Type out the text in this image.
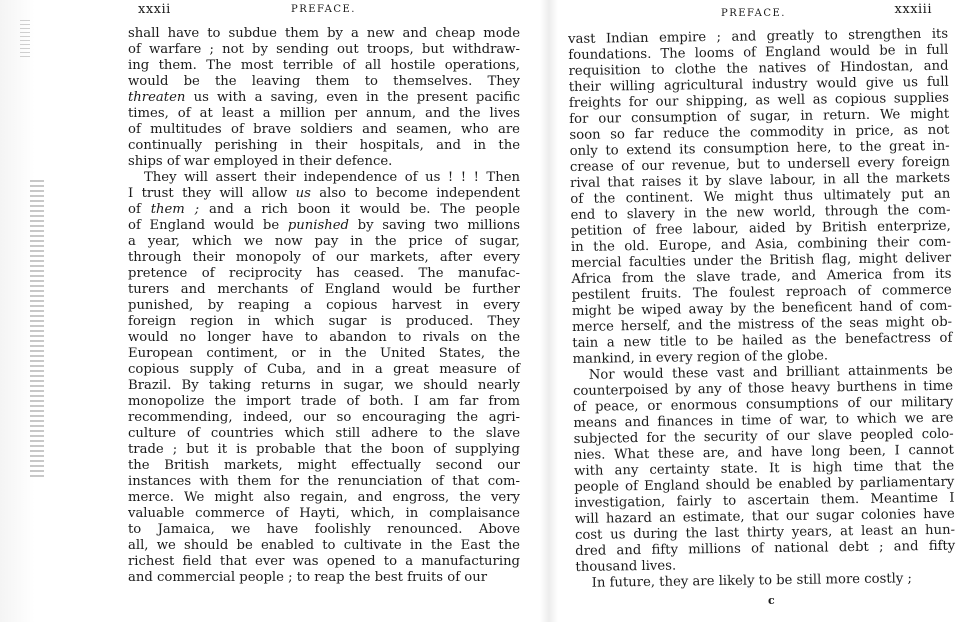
xxxii	PREFACE.
shall have to subdue them by a new and cheap mode
of warfare ; not by sending out troops, but withdraw-
ing them. The most terrible of all hostile operations,
would be the leaving them to themselves. They
threaten us with a saving, even in the present pacific
times, of at least a million per annum, and the lives
of multitudes of brave soldiers and seamen, who are
continually perishing in their hospitals, and in the
ships of war employed in their defence.
They will assert their independence of us ! ! ! Then
I trust they will allow us also to become independent
of them ; and a rich boon it would be. The people
of England would be punished by saving two millions
a year, which we now pay in the price of sugar,
through their monopoly of our markets, after every
pretence of reciprocity has ceased. The manufac-
turers and merchants of England would be further
punished, by reaping a copious harvest in every
foreign region in which sugar is produced. They
would no longer have to abandon to rivals on the
European contiment, or in the United States, the
copious supply of Cuba, and in a great measure of
Brazil. By taking returns in sugar, we should nearly
monopolize the import trade of both. I am far from
recommending, indeed, our so encouraging the agri-
culture of countries which still adhere to the slave
trade ; but it is probable that the boon of supplying
the British markets, might effectually second our
instances with them for the renunciation of that com-
merce. We might also regain, and engross, the very
valuable commerce of Hayti, which, in complaisance
to Jamaica, we have foolishly renounced. Above
all, we should be enabled to cultivate in the East the
richest field that ever was opened to a manufacturing
and commercial people ; to reap the best fruits of our
PREFACE.	xxxiii
vast Indian empire ; and greatly to strengthen its
foundations. The looms of England would be in full
requisition to clothe the natives of Hindostan, and
their willing agricultural industry would give us full
freights for our shipping, as well as copious supplies
for our consumption of sugar, in return. We might
soon so far reduce the commodity in price, as not
only to extend its consumption here, to the great in-
crease of our revenue, but to undersell every foreign
rival that raises it by slave labour, in all the markets
of the continent. We might thus ultimately put an
end to slavery in the new world, through the com-
petition of free labour, aided by British enterprize,
in the old. Europe, and Asia, combining their com-
mercial faculties under the British flag, might deliver
Africa from the slave trade, and America from its
pestilent fruits. The foulest reproach of commerce
might be wiped away by the beneficent hand of com-
merce herself, and the mistress of the seas might ob-
tain a new title to be hailed as the benefactress of
mankind, in every region of the globe.
Nor would these vast and brilliant attainments be
counterpoised by any of those heavy burthens in time
of peace, or enormous consumptions of our military
means and finances in time of war, to which we are
subjected for the security of our slave peopled colo-
nies. What these are, and have long been, I cannot
with any certainty state. It is high time that the
people of England should be enabled by parliamentary
investigation, fairly to ascertain them. Meantime I
will hazard an estimate, that our sugar colonies have
cost us during the last thirty years, at least an hun-
dred and fifty millions of national debt ; and fifty
thousand lives.
In future, they are likely to be still more costly ;
c
